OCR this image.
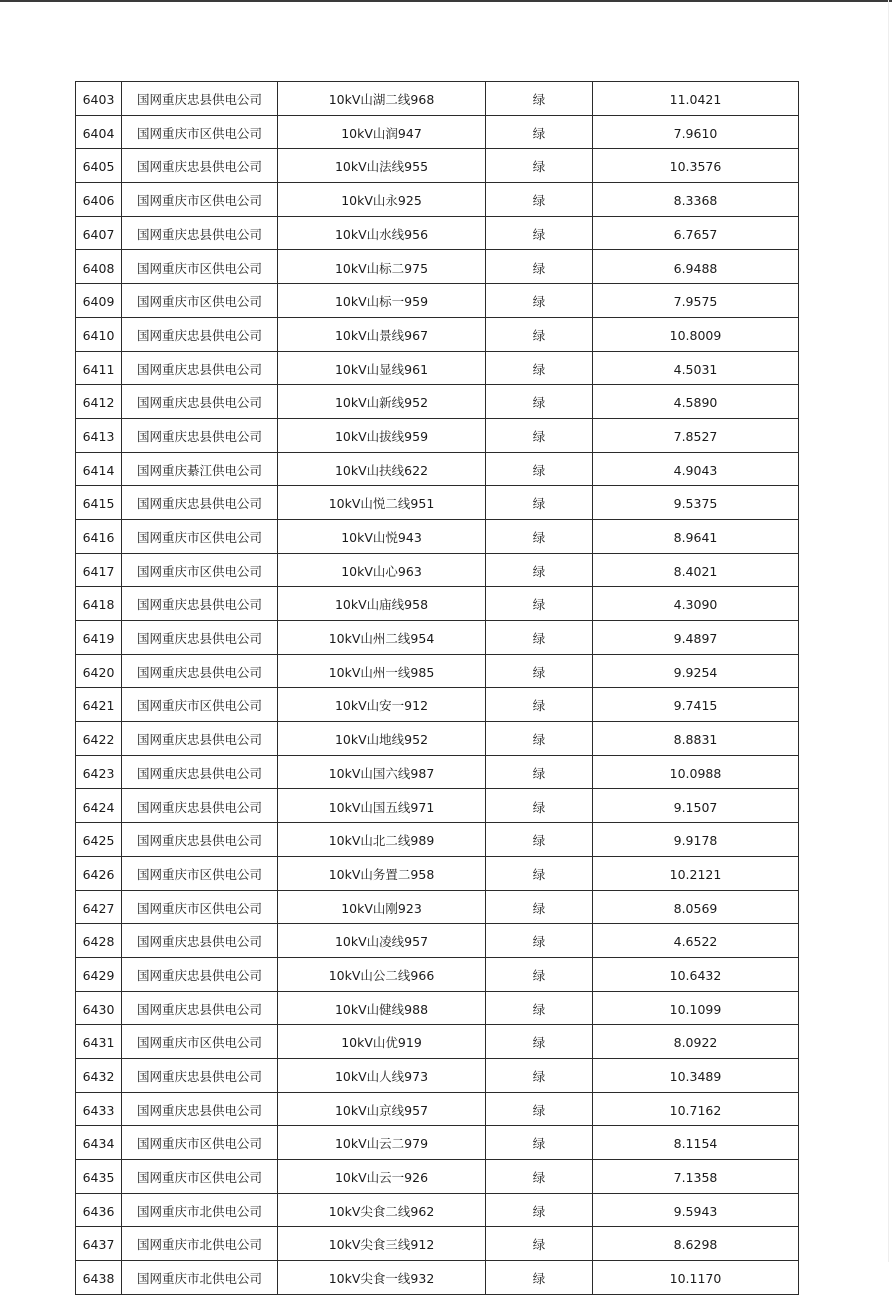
6403	国网重庆忠县供电公司	10kV山湖二线968	绿	11.0421
6404	国网重庆市区供电公司	10kV山润947	绿	7.9610
6405	国网重庆忠县供电公司	10kV山法线955	绿	10.3576
6406	国网重庆市区供电公司	10kV山永925	绿	8.3368
6407	国网重庆忠县供电公司	10kV山水线956	绿	6.7657
6408	国网重庆市区供电公司	10kV山标二975	绿	6.9488
6409	国网重庆市区供电公司	10kV山标一959	绿	7.9575
6410	国网重庆忠县供电公司	10kV山景线967	绿	10.8009
6411	国网重庆忠县供电公司	10kV山显线961	绿	4.5031
6412	国网重庆忠县供电公司	10kV山新线952	绿	4.5890
6413	国网重庆忠县供电公司	10kV山拔线959	绿	7.8527
6414	国网重庆綦江供电公司	10kV山扶线622	绿	4.9043
6415	国网重庆忠县供电公司	10kV山悦二线951	绿	9.5375
6416	国网重庆市区供电公司	10kV山悦943	绿	8.9641
6417	国网重庆市区供电公司	10kV山心963	绿	8.4021
6418	国网重庆忠县供电公司	10kV山庙线958	绿	4.3090
6419	国网重庆忠县供电公司	10kV山州二线954	绿	9.4897
6420	国网重庆忠县供电公司	10kV山州一线985	绿	9.9254
6421	国网重庆市区供电公司	10kV山安一912	绿	9.7415
6422	国网重庆忠县供电公司	10kV山地线952	绿	8.8831
6423	国网重庆忠县供电公司	10kV山国六线987	绿	10.0988
6424	国网重庆忠县供电公司	10kV山国五线971	绿	9.1507
6425	国网重庆忠县供电公司	10kV山北二线989	绿	9.9178
6426	国网重庆市区供电公司	10kV山务置二958	绿	10.2121
6427	国网重庆市区供电公司	10kV山刚923	绿	8.0569
6428	国网重庆忠县供电公司	10kV山凌线957	绿	4.6522
6429	国网重庆忠县供电公司	10kV山公二线966	绿	10.6432
6430	国网重庆忠县供电公司	10kV山健线988	绿	10.1099
6431	国网重庆市区供电公司	10kV山优919	绿	8.0922
6432	国网重庆忠县供电公司	10kV山人线973	绿	10.3489
6433	国网重庆忠县供电公司	10kV山京线957	绿	10.7162
6434	国网重庆市区供电公司	10kV山云二979	绿	8.1154
6435	国网重庆市区供电公司	10kV山云一926	绿	7.1358
6436	国网重庆市北供电公司	10kV尖食二线962	绿	9.5943
6437	国网重庆市北供电公司	10kV尖食三线912	绿	8.6298
6438	国网重庆市北供电公司	10kV尖食一线932	绿	10.1170
